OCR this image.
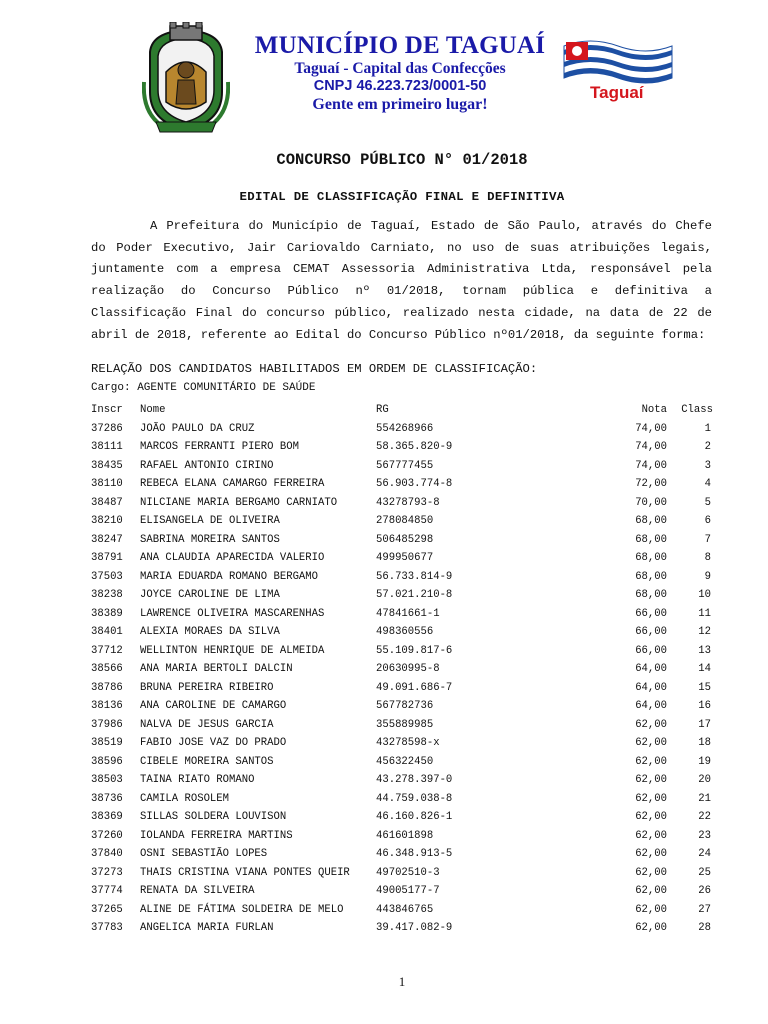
MUNICÍPIO DE TAGUAÍ
Taguaí - Capital das Confecções
CNPJ 46.223.723/0001-50
Gente em primeiro lugar!
Taguaí
CONCURSO PÚBLICO N° 01/2018
EDITAL DE CLASSIFICAÇÃO FINAL E DEFINITIVA
A Prefeitura do Município de Taguaí, Estado de São Paulo, através do Chefe do Poder Executivo, Jair Cariovaldo Carniato, no uso de suas atribuições legais, juntamente com a empresa CEMAT Assessoria Administrativa Ltda, responsável pela realização do Concurso Público nº 01/2018, tornam pública e definitiva a Classificação Final do concurso público, realizado nesta cidade, na data de 22 de abril de 2018, referente ao Edital do Concurso Público nº01/2018, da seguinte forma:
RELAÇÃO DOS CANDIDATOS HABILITADOS EM ORDEM DE CLASSIFICAÇÃO:
Cargo: AGENTE COMUNITÁRIO DE SAÚDE
Inscr Nome	RG	Nota Class
37286 JOÃO PAULO DA CRUZ	554268966	74,00	1
38111 MARCOS FERRANTI PIERO BOM	58.365.820-9	74,00	2
38435 RAFAEL ANTONIO CIRINO	567777455	74,00	3
38110 REBECA ELANA CAMARGO FERREIRA	56.903.774-8	72,00	4
38487 NILCIANE MARIA BERGAMO CARNIATO	43278793-8	70,00	5
38210 ELISANGELA DE OLIVEIRA	278084850	68,00	6
38247 SABRINA MOREIRA SANTOS	506485298	68,00	7
38791 ANA CLAUDIA APARECIDA VALERIO	499950677	68,00	8
37503 MARIA EDUARDA ROMANO BERGAMO	56.733.814-9	68,00	9
38238 JOYCE CAROLINE DE LIMA	57.021.210-8	68,00	10
38389 LAWRENCE OLIVEIRA MASCARENHAS	47841661-1	66,00	11
38401 ALEXIA MORAES DA SILVA	498360556	66,00	12
37712 WELLINTON HENRIQUE DE ALMEIDA	55.109.817-6	66,00	13
38566 ANA MARIA BERTOLI DALCIN	20630995-8	64,00	14
38786 BRUNA PEREIRA RIBEIRO	49.091.686-7	64,00	15
38136 ANA CAROLINE DE CAMARGO	567782736	64,00	16
37986 NALVA DE JESUS GARCIA	355889985	62,00	17
38519 FABIO JOSE VAZ DO PRADO	43278598-x	62,00	18
38596 CIBELE MOREIRA SANTOS	456322450	62,00	19
38503 TAINA RIATO ROMANO	43.278.397-0	62,00	20
38736 CAMILA ROSOLEM	44.759.038-8	62,00	21
38369 SILLAS SOLDERA LOUVISON	46.160.826-1	62,00	22
37260 IOLANDA FERREIRA MARTINS	461601898	62,00	23
37840 OSNI SEBASTIÃO LOPES	46.348.913-5	62,00	24
37273 THAIS CRISTINA VIANA PONTES QUEIR 49702510-3	62,00	25
37774 RENATA DA SILVEIRA	49005177-7	62,00	26
37265 ALINE DE FÁTIMA SOLDEIRA DE MELO	443846765	62,00	27
37783 ANGELICA MARIA FURLAN	39.417.082-9	62,00	28
1
